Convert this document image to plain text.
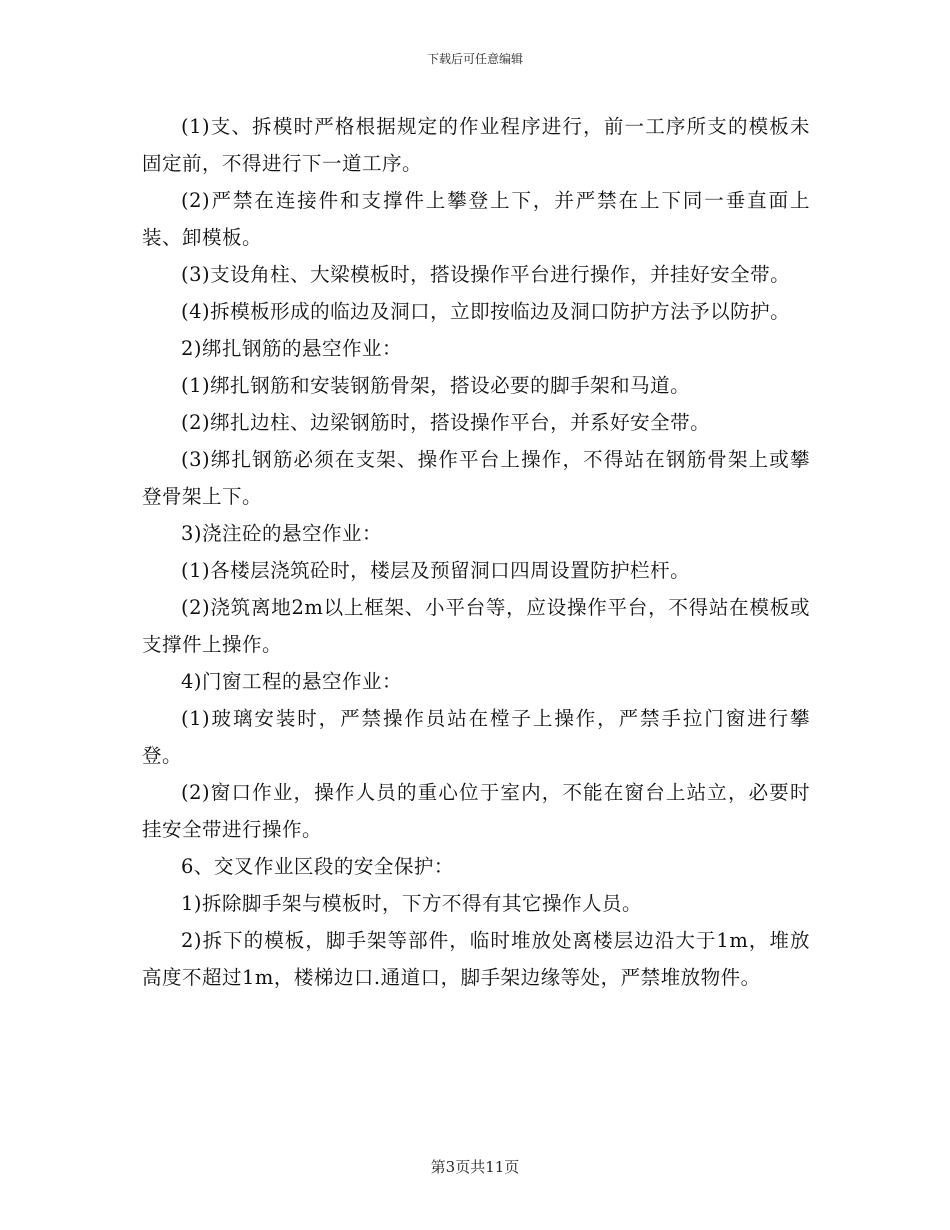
下载后可任意编辑

(1)支、拆模时严格根据规定的作业程序进行，前一工序所支的模板未固定前，不得进行下一道工序。

(2)严禁在连接件和支撑件上攀登上下，并严禁在上下同一垂直面上装、卸模板。

(3)支设角柱、大梁模板时，搭设操作平台进行操作，并挂好安全带。

(4)拆模板形成的临边及洞口，立即按临边及洞口防护方法予以防护。

2)绑扎钢筋的悬空作业：

(1)绑扎钢筋和安装钢筋骨架，搭设必要的脚手架和马道。

(2)绑扎边柱、边梁钢筋时，搭设操作平台，并系好安全带。

(3)绑扎钢筋必须在支架、操作平台上操作，不得站在钢筋骨架上或攀登骨架上下。

3)浇注砼的悬空作业：

(1)各楼层浇筑砼时，楼层及预留洞口四周设置防护栏杆。

(2)浇筑离地2m以上框架、小平台等，应设操作平台，不得站在模板或支撑件上操作。

4)门窗工程的悬空作业：

(1)玻璃安装时，严禁操作员站在樘子上操作，严禁手拉门窗进行攀登。

(2)窗口作业，操作人员的重心位于室内，不能在窗台上站立，必要时挂安全带进行操作。

6、交叉作业区段的安全保护：

1)拆除脚手架与模板时，下方不得有其它操作人员。

2)拆下的模板，脚手架等部件，临时堆放处离楼层边沿大于1m，堆放高度不超过1m，楼梯边口.通道口，脚手架边缘等处，严禁堆放物件。

第3页共11页
